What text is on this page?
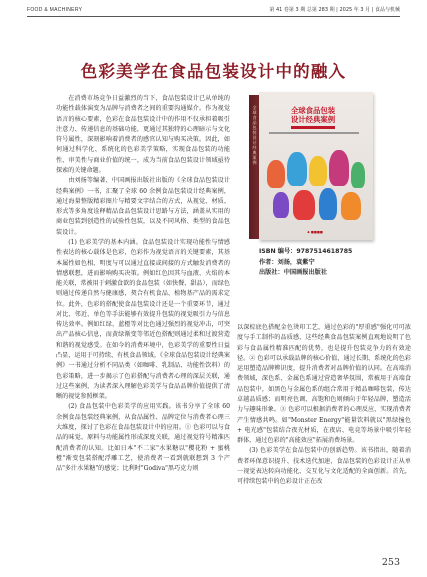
FOOD & MACHINERY	第 41 卷第 3 期 总第 283 期 | 2025 年 3 月 | 食品与机械
色彩美学在食品包装设计中的融入

在消费市场竞争日益激烈的当下，食品包装设计已从单纯的功能性载体演变为品牌与消费者之间的重要沟通媒介。作为视觉语言的核心要素，色彩在食品包装设计中的作用不仅承担着吸引注意力、传递信息的基础功能，更通过其独特的心理暗示与文化符号属性，深刻影响着消费者的感官认知与购买决策。因此，如何通过科学化、系统化的色彩美学策略，实现食品包装的功能性、审美性与商业价值的统一，成为当前食品包装设计领域亟待探索的关键命题。

由刘扬等编著、中国画报出版社出版的《全球食品包装设计经典案例》一书，汇聚了全球 60 余例食品包装设计经典案例，通过海量整版精彩图片与精要文字结合的方式，从视觉、材质、形式等多角度诠释精品食品包装设计思路与方法，涵盖从实用的商业包装到创造性的试验性包装，以及不同风格、类型的食品包装设计。

(1) 色彩美学的基本内涵。食品包装设计实现功能性与情感性表达的核心载体是色彩，色彩作为视觉语言的关键要素，其基本属性如色相、明度与可以通过直接或间接的方式触发消费者的情感联想，进而影响购买决策。例如红色因其与血液、火焰的本能关联，常被用于刺激食欲的食品包装（如快餐、甜品），而绿色则通过传递自然与健康感，契合有机食品、植物基产品的需求定位。此外，色彩的搭配使食品包装设计还是一个重要环节，通过对比、邻近、单色等手法能够有效提升包装的视觉吸引力与信息传达效率。例如红绿、蓝橙等对比色通过强烈的视觉冲击，可突出产品核心信息，而黄绿渐变等邻近色搭配则通过柔和过渡营造和谐的视觉感受。在如今的消费环境中，色彩美学的重要性日益凸显，运用于可持续、有机食品领域。《全球食品包装设计经典案例》一书通过分析不同品类（如咖啡、乳制品、功能性饮料）的色彩策略，进一步揭示了色彩搭配与消费者心理的深层关联，通过这些案例，为读者深入理解色彩美学与食品品牌价值提供了清晰的视觉参照框架。

(2) 食品包装中色彩美学的应用实践。该书分享了全球 60 余例食品包装经典案例，从食品属性、品牌定位与消费者心理三大维度，探讨了色彩在食品包装设计中的应用。① 色彩可以与食品的味觉、原料与功能属性形成深度关联，通过视觉符号精准匹配消费者的认知。比如日本"不二家"水果糖以"樱花粉 + 蜜桃橙"渐变包装搭配浮雕工艺，使消费者一看到就联想到 3 个产品"多汁水果糖"的感觉；比利时"Godiva"黑巧克力则

全球食品包装设计经典案例
全球食品包装
设计经典案例
◆ ■■■■
ISBN 编号：9787514618785
作者：刘扬，袁紫宁
出版社：中国画报出版社

以深棕底色搭配金色烫印工艺，通过色彩的"厚重感"强化可可浓度与手工制作的品质感，这些经典食品包装案例直观地说明了色彩与食品属性精准匹配的优势，也是提升包装竞争力的有效途径。② 色彩可以承载品牌的核心价值，通过长期、系统化的色彩运用塑造品牌辨识度，提升消费者对品牌价值的认同。在高端消费领域，深色系、金属色系通过营造奢华氛围，常被用于高端食品包装中，如黑色与金属色系的组合常用于精品咖啡包装，传达卓越品质感；而明亮色调、高饱和色则倾向于年轻品牌，塑造活力与趣味形象。③ 色彩可以根据消费者的心理反应，实现消费者产生情感共鸣。如"Monster Energy"能量饮料就以"黑绿撞色 + 电光感"包装结合夜光材质，在夜店、电竞等场景中吸引年轻群体，通过色彩的"高能效应"拓展消费场景。

(3) 色彩美学在食品包装中的创新趋势。该书指出，随着消费者环保意识提升、技术迭代加速，食品包装的色彩设计正从单一视觉表达转向功能化、交互化与文化适配的全面创新。首先，可持续包装中的色彩设计正在改

253
